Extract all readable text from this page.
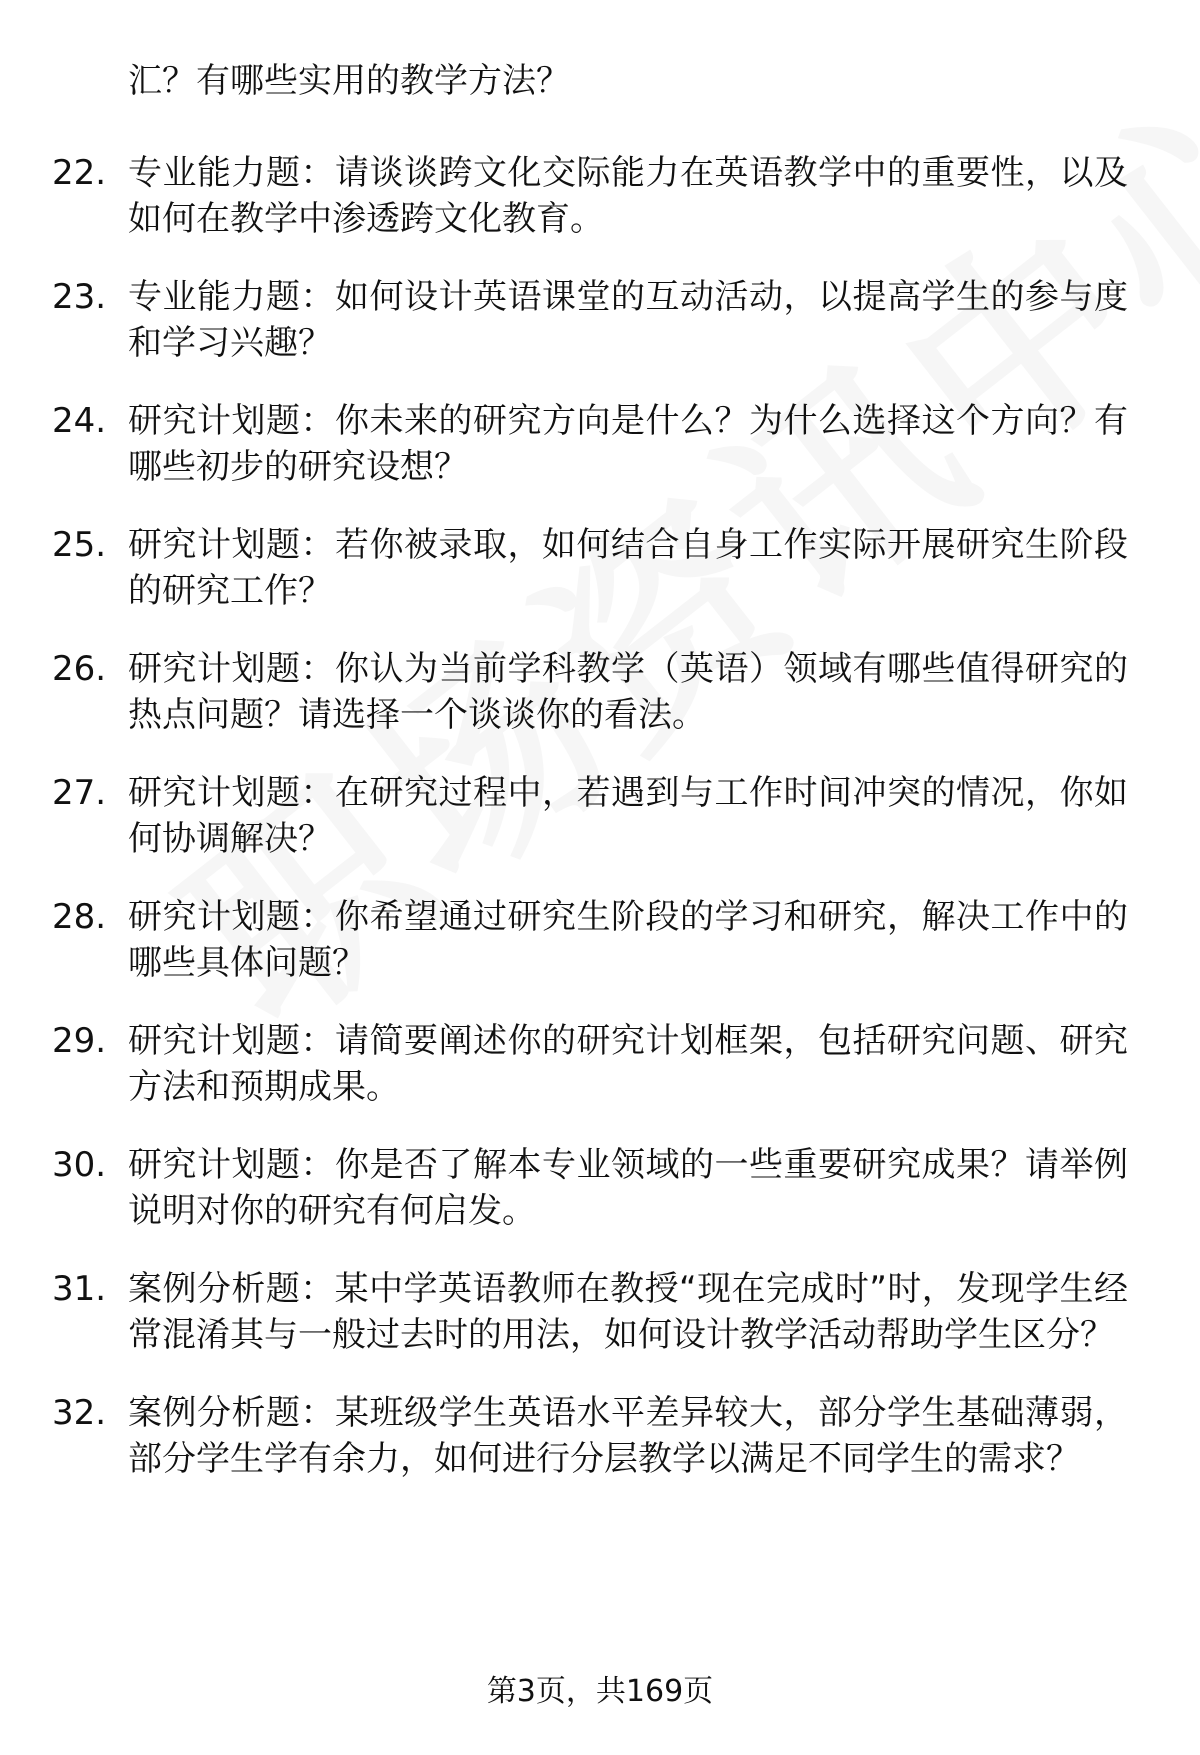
汇？有哪些实用的教学方法？
22. 专业能力题：请谈谈跨文化交际能力在英语教学中的重要性，以及如何在教学中渗透跨文化教育。
23. 专业能力题：如何设计英语课堂的互动活动，以提高学生的参与度和学习兴趣？
24. 研究计划题：你未来的研究方向是什么？为什么选择这个方向？有哪些初步的研究设想？
25. 研究计划题：若你被录取，如何结合自身工作实际开展研究生阶段的研究工作？
26. 研究计划题：你认为当前学科教学（英语）领域有哪些值得研究的热点问题？请选择一个谈谈你的看法。
27. 研究计划题：在研究过程中，若遇到与工作时间冲突的情况，你如何协调解决？
28. 研究计划题：你希望通过研究生阶段的学习和研究，解决工作中的哪些具体问题？
29. 研究计划题：请简要阐述你的研究计划框架，包括研究问题、研究方法和预期成果。
30. 研究计划题：你是否了解本专业领域的一些重要研究成果？请举例说明对你的研究有何启发。
31. 案例分析题：某中学英语教师在教授“现在完成时”时，发现学生经常混淆其与一般过去时的用法，如何设计教学活动帮助学生区分？
32. 案例分析题：某班级学生英语水平差异较大，部分学生基础薄弱，部分学生学有余力，如何进行分层教学以满足不同学生的需求？
第3页，共169页
